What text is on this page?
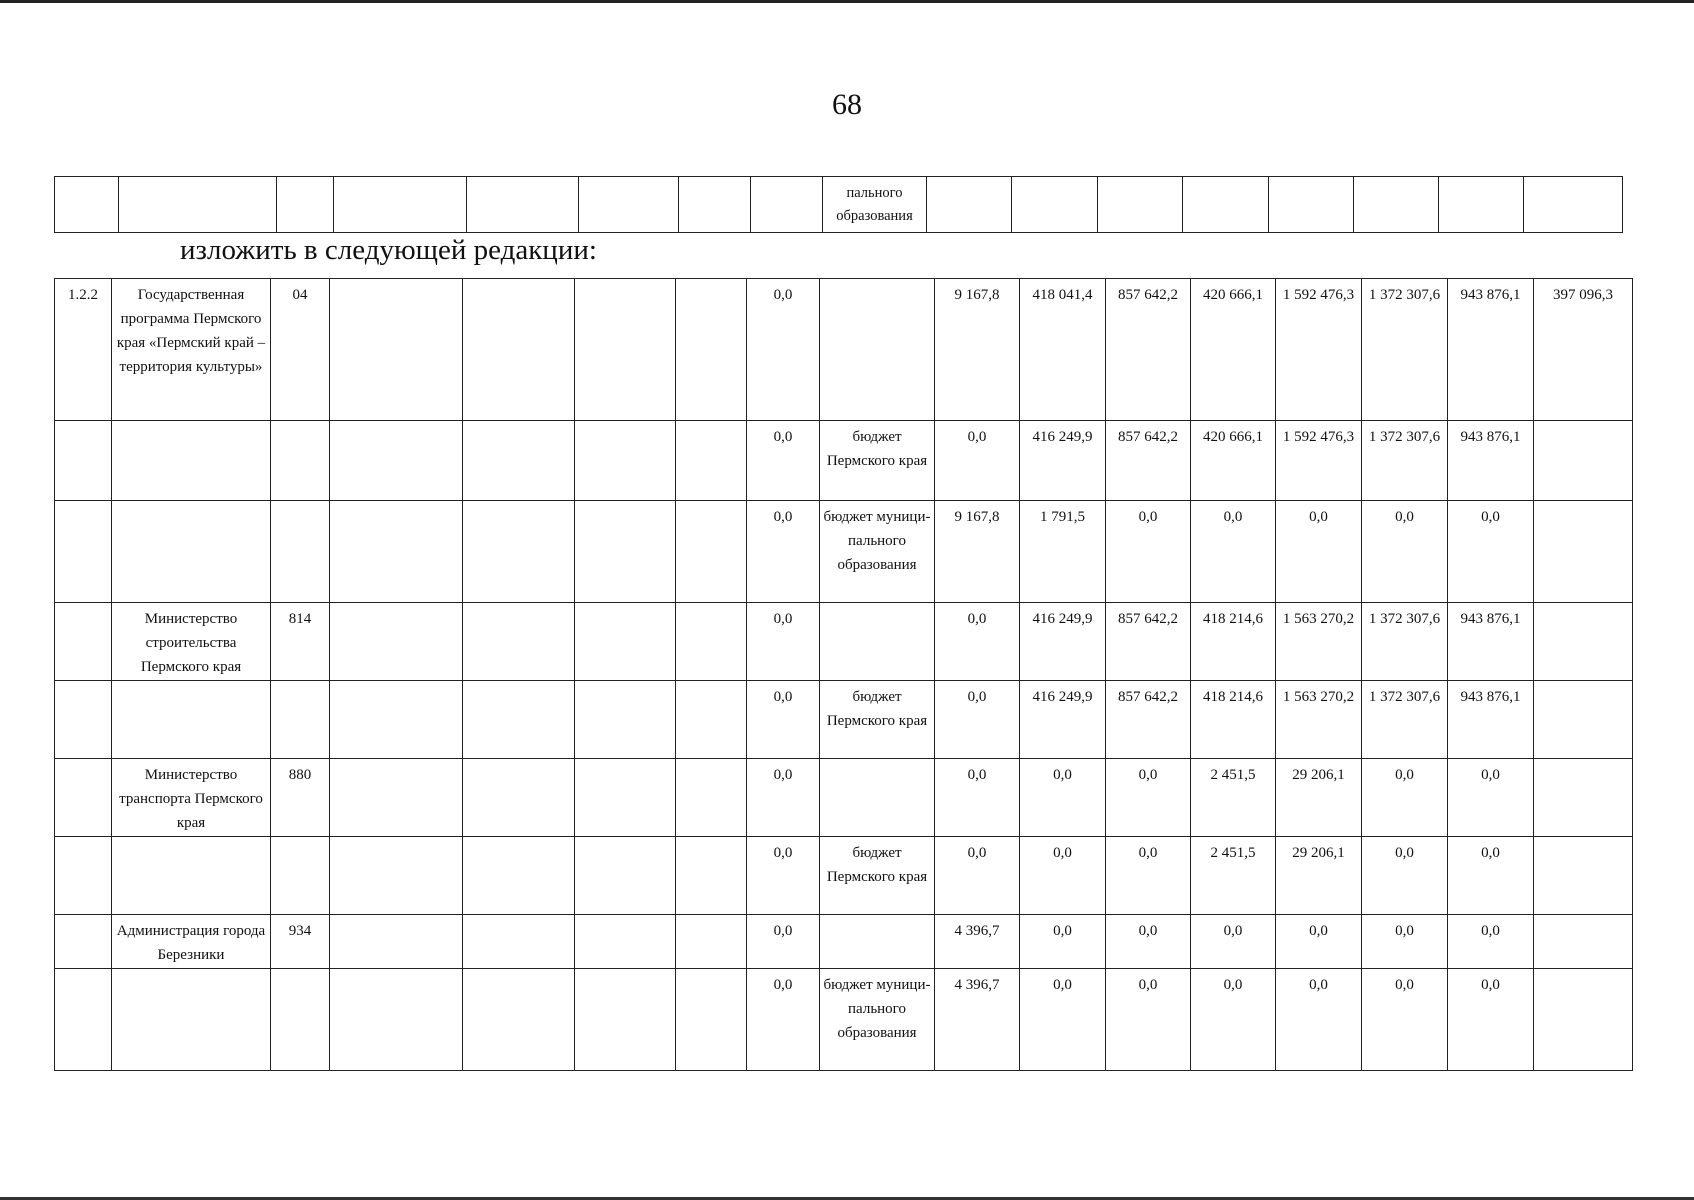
68
								пального образования								
изложить в следующей редакции:
1.2.2	Государственная программа Пермского края «Пермский край – территория культуры»	04					0,0		9 167,8	418 041,4	857 642,2	420 666,1	1 592 476,3	1 372 307,6	943 876,1	397 096,3
							0,0	бюджет Пермского края	0,0	416 249,9	857 642,2	420 666,1	1 592 476,3	1 372 307,6	943 876,1	
							0,0	бюджет муници-пального образования	9 167,8	1 791,5	0,0	0,0	0,0	0,0	0,0	
	Министерство строительства Пермского края	814					0,0		0,0	416 249,9	857 642,2	418 214,6	1 563 270,2	1 372 307,6	943 876,1	
							0,0	бюджет Пермского края	0,0	416 249,9	857 642,2	418 214,6	1 563 270,2	1 372 307,6	943 876,1	
	Министерство транспорта Пермского края	880					0,0		0,0	0,0	0,0	2 451,5	29 206,1	0,0	0,0	
							0,0	бюджет Пермского края	0,0	0,0	0,0	2 451,5	29 206,1	0,0	0,0	
	Администрация города Березники	934					0,0		4 396,7	0,0	0,0	0,0	0,0	0,0	0,0	
							0,0	бюджет муници-пального образования	4 396,7	0,0	0,0	0,0	0,0	0,0	0,0	
